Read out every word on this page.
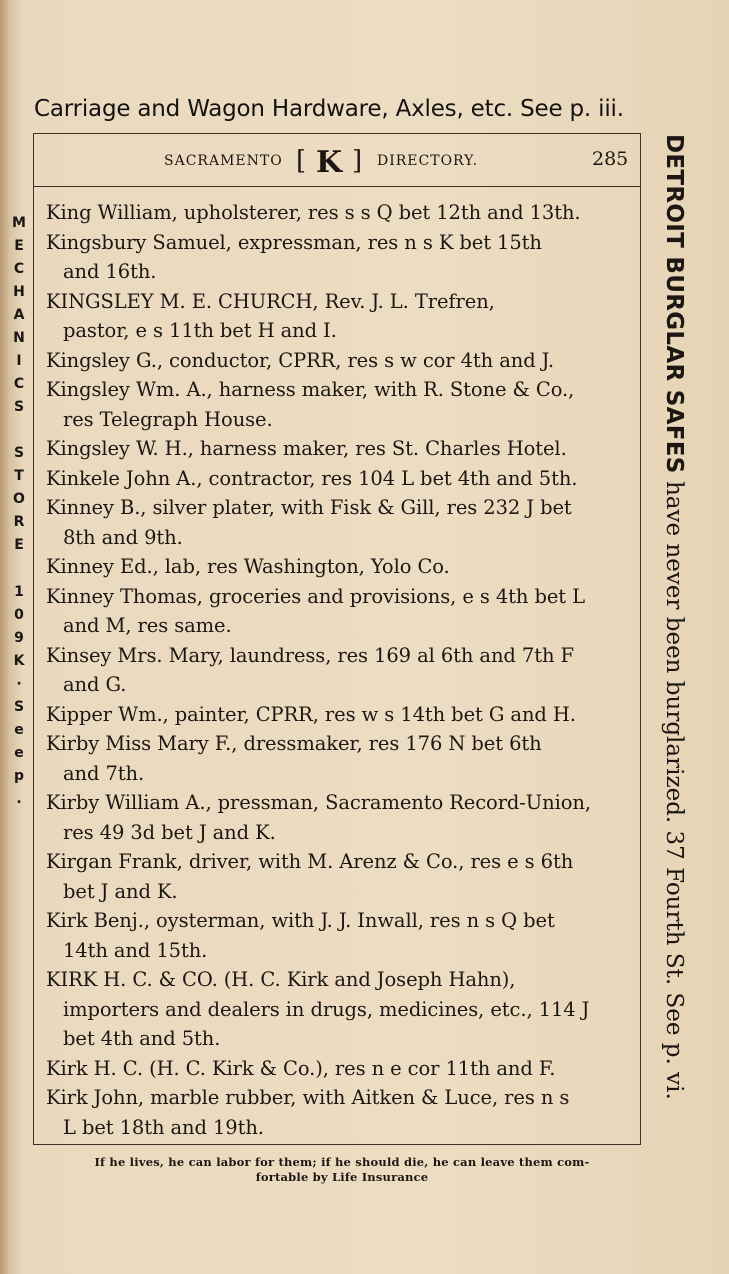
Carriage and Wagon Hardware, Axles, etc. See p. iii.
SACRAMENTO [ K ] DIRECTORY.	285
King William, upholsterer, res s s Q bet 12th and 13th.
Kingsbury Samuel, expressman, res n s K bet 15th
and 16th.
KINGSLEY M. E. CHURCH, Rev. J. L. Trefren,
pastor, e s 11th bet H and I.
Kingsley G., conductor, CPRR, res s w cor 4th and J.
Kingsley Wm. A., harness maker, with R. Stone & Co.,
res Telegraph House.
Kingsley W. H., harness maker, res St. Charles Hotel.
Kinkele John A., contractor, res 104 L bet 4th and 5th.
Kinney B., silver plater, with Fisk & Gill, res 232 J bet
8th and 9th.
Kinney Ed., lab, res Washington, Yolo Co.
Kinney Thomas, groceries and provisions, e s 4th bet L
and M, res same.
Kinsey Mrs. Mary, laundress, res 169 al 6th and 7th F
and G.
Kipper Wm., painter, CPRR, res w s 14th bet G and H.
Kirby Miss Mary F., dressmaker, res 176 N bet 6th
and 7th.
Kirby William A., pressman, Sacramento Record-Union,
res 49 3d bet J and K.
Kirgan Frank, driver, with M. Arenz & Co., res e s 6th
bet J and K.
Kirk Benj., oysterman, with J. J. Inwall, res n s Q bet
14th and 15th.
KIRK H. C. & CO. (H. C. Kirk and Joseph Hahn),
importers and dealers in drugs, medicines, etc., 114 J
bet 4th and 5th.
Kirk H. C. (H. C. Kirk & Co.), res n e cor 11th and F.
Kirk John, marble rubber, with Aitken & Luce, res n s
L bet 18th and 19th.
DETROIT BURGLAR SAFES have never been burglarized. 37 Fourth St. See p. vi.
M
E
C
H
A
N
I
C
S
S
T
O
R
E
1
0
9
K
·
S
e
e
p
.
If he lives, he can labor for them; if he should die, he can leave them com-
fortable by Life Insurance
